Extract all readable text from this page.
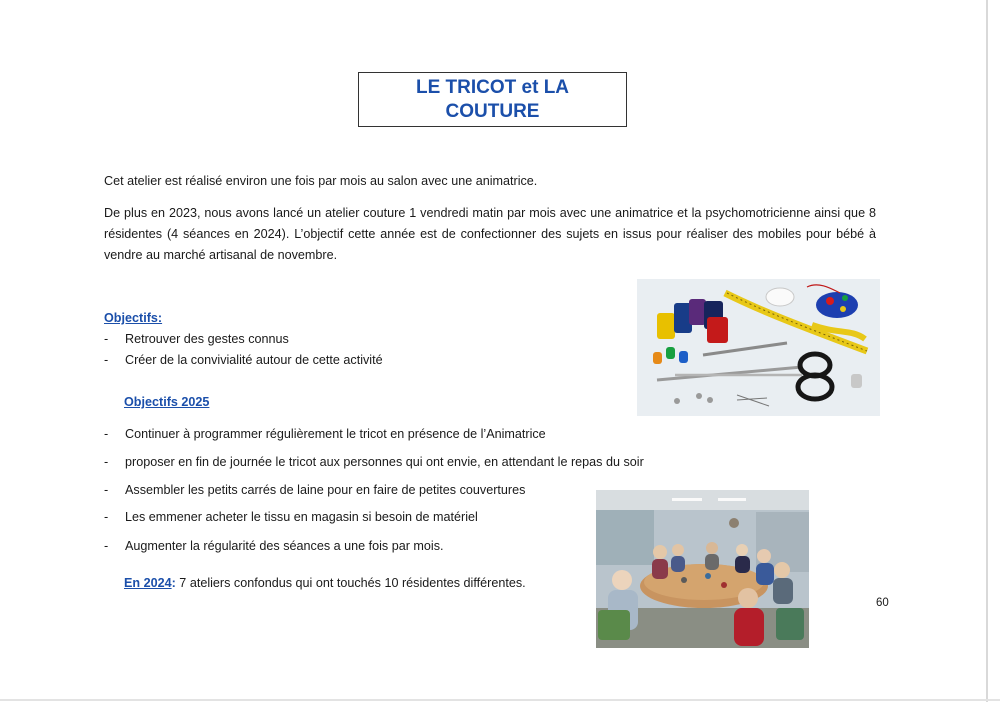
LE TRICOT et LA
COUTURE

Cet atelier est réalisé environ une fois par mois au salon avec une animatrice.

De plus en 2023, nous avons lancé un atelier couture 1 vendredi matin par mois avec une animatrice et la psychomotricienne ainsi que 8 résidentes (4 séances en 2024). L’objectif cette année est de confectionner des sujets en issus pour réaliser des mobiles pour bébé à vendre au marché artisanal de novembre.

Objectifs:
- Retrouver des gestes connus
- Créer de la convivialité autour de cette activité
Objectifs 2025
- Continuer à programmer régulièrement le tricot en présence de l’Animatrice
- proposer en fin de journée le tricot aux personnes qui ont envie, en attendant le repas du soir
- Assembler les petits carrés de laine pour en faire de petites couvertures
- Les emmener acheter le tissu en magasin si besoin de matériel
- Augmenter la régularité des séances a une fois par mois.
En 2024: 7 ateliers confondus qui ont touchés 10 résidentes différentes.
60
